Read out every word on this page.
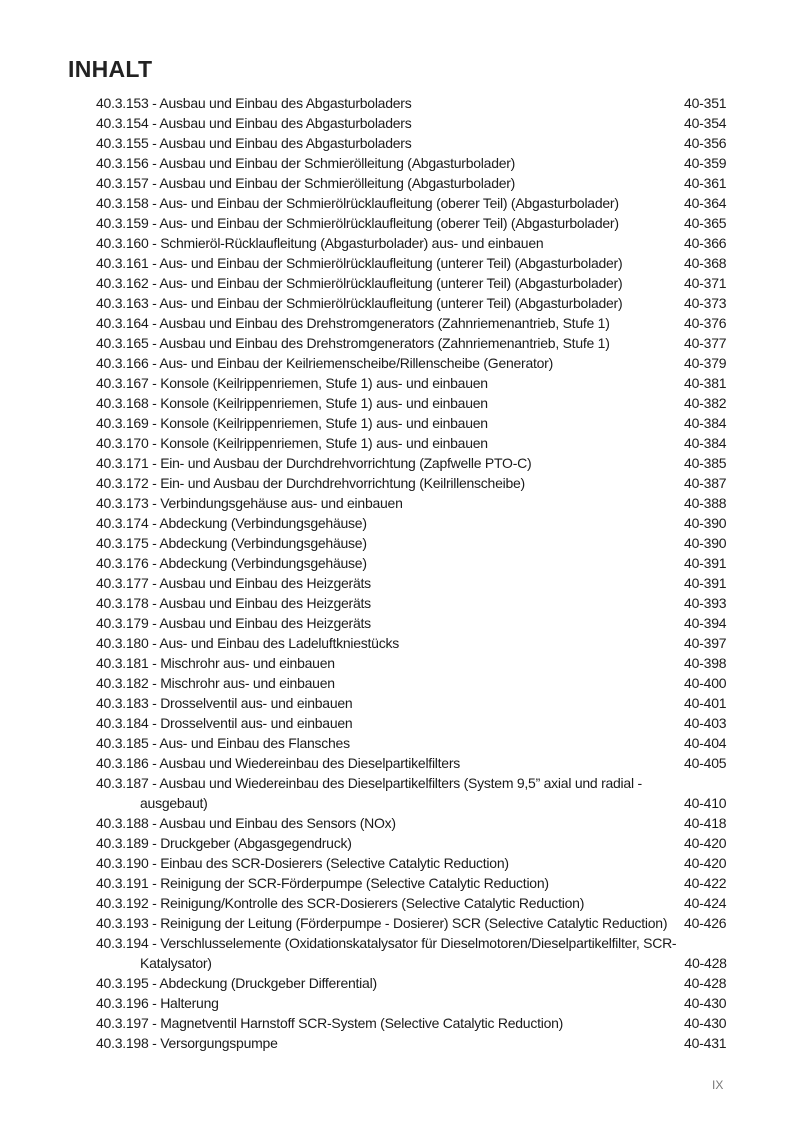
INHALT
40.3.153 - Ausbau und Einbau des Abgasturboladers	40-351
40.3.154 - Ausbau und Einbau des Abgasturboladers	40-354
40.3.155 - Ausbau und Einbau des Abgasturboladers	40-356
40.3.156 - Ausbau und Einbau der Schmierölleitung (Abgasturbolader)	40-359
40.3.157 - Ausbau und Einbau der Schmierölleitung (Abgasturbolader)	40-361
40.3.158 - Aus- und Einbau der Schmierölrücklaufleitung (oberer Teil) (Abgasturbolader)	40-364
40.3.159 - Aus- und Einbau der Schmierölrücklaufleitung (oberer Teil) (Abgasturbolader)	40-365
40.3.160 - Schmieröl-Rücklaufleitung (Abgasturbolader) aus- und einbauen	40-366
40.3.161 - Aus- und Einbau der Schmierölrücklaufleitung (unterer Teil) (Abgasturbolader)	40-368
40.3.162 - Aus- und Einbau der Schmierölrücklaufleitung (unterer Teil) (Abgasturbolader)	40-371
40.3.163 - Aus- und Einbau der Schmierölrücklaufleitung (unterer Teil) (Abgasturbolader)	40-373
40.3.164 - Ausbau und Einbau des Drehstromgenerators (Zahnriemenantrieb, Stufe 1)	40-376
40.3.165 - Ausbau und Einbau des Drehstromgenerators (Zahnriemenantrieb, Stufe 1)	40-377
40.3.166 - Aus- und Einbau der Keilriemenscheibe/Rillenscheibe (Generator)	40-379
40.3.167 - Konsole (Keilrippenriemen, Stufe 1) aus- und einbauen	40-381
40.3.168 - Konsole (Keilrippenriemen, Stufe 1) aus- und einbauen	40-382
40.3.169 - Konsole (Keilrippenriemen, Stufe 1) aus- und einbauen	40-384
40.3.170 - Konsole (Keilrippenriemen, Stufe 1) aus- und einbauen	40-384
40.3.171 - Ein- und Ausbau der Durchdrehvorrichtung (Zapfwelle PTO-C)	40-385
40.3.172 - Ein- und Ausbau der Durchdrehvorrichtung (Keilrillenscheibe)	40-387
40.3.173 - Verbindungsgehäuse aus- und einbauen	40-388
40.3.174 - Abdeckung (Verbindungsgehäuse)	40-390
40.3.175 - Abdeckung (Verbindungsgehäuse)	40-390
40.3.176 - Abdeckung (Verbindungsgehäuse)	40-391
40.3.177 - Ausbau und Einbau des Heizgeräts	40-391
40.3.178 - Ausbau und Einbau des Heizgeräts	40-393
40.3.179 - Ausbau und Einbau des Heizgeräts	40-394
40.3.180 - Aus- und Einbau des Ladeluftkniestücks	40-397
40.3.181 - Mischrohr aus- und einbauen	40-398
40.3.182 - Mischrohr aus- und einbauen	40-400
40.3.183 - Drosselventil aus- und einbauen	40-401
40.3.184 - Drosselventil aus- und einbauen	40-403
40.3.185 - Aus- und Einbau des Flansches	40-404
40.3.186 - Ausbau und Wiedereinbau des Dieselpartikelfilters	40-405
40.3.187 - Ausbau und Wiedereinbau des Dieselpartikelfilters (System 9,5” axial und radial -
ausgebaut)	40-410
40.3.188 - Ausbau und Einbau des Sensors (NOx)	40-418
40.3.189 - Druckgeber (Abgasgegendruck)	40-420
40.3.190 - Einbau des SCR-Dosierers (Selective Catalytic Reduction)	40-420
40.3.191 - Reinigung der SCR-Förderpumpe (Selective Catalytic Reduction)	40-422
40.3.192 - Reinigung/Kontrolle des SCR-Dosierers (Selective Catalytic Reduction)	40-424
40.3.193 - Reinigung der Leitung (Förderpumpe - Dosierer) SCR (Selective Catalytic Reduction)	40-426
40.3.194 - Verschlusselemente (Oxidationskatalysator für Dieselmotoren/Dieselpartikelfilter, SCR-
Katalysator)	40-428
40.3.195 - Abdeckung (Druckgeber Differential)	40-428
40.3.196 - Halterung	40-430
40.3.197 - Magnetventil Harnstoff SCR-System (Selective Catalytic Reduction)	40-430
40.3.198 - Versorgungspumpe	40-431
IX
